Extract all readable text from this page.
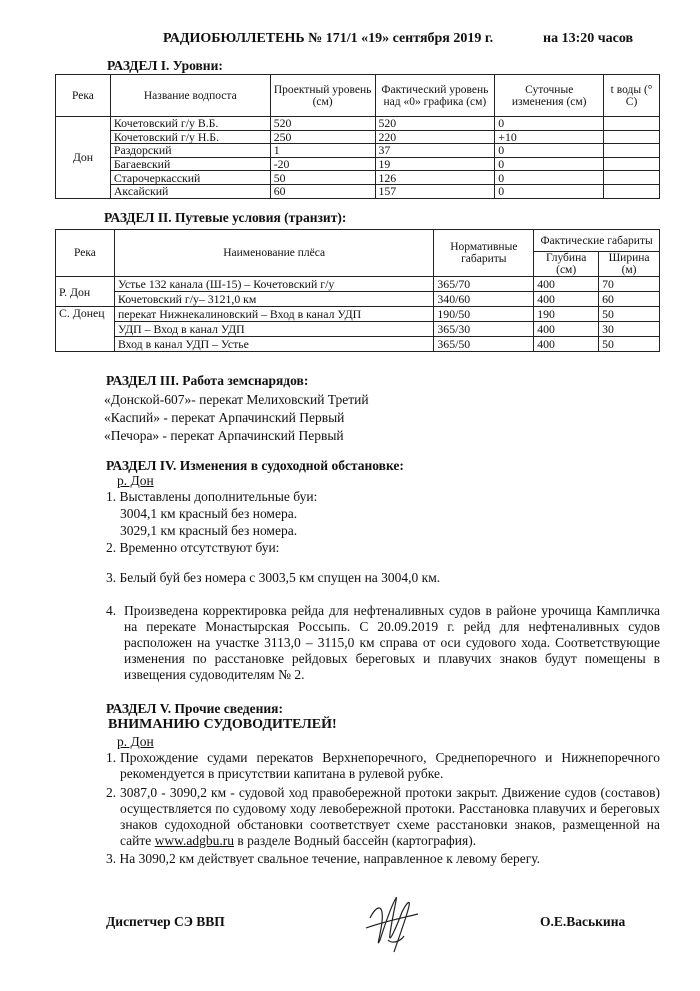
РАДИОБЮЛЛЕТЕНЬ № 171/1 «19» сентября 2019 г.	на 13:20 часов
РАЗДЕЛ I. Уровни:
Река	Название водпоста	Проектный уровень (см)	Фактический уровень над «0» графика (см)	Суточные изменения (см)	t воды (° С)
Дон	Кочетовский г/у В.Б.	520	520	0	
	Кочетовский г/у Н.Б.	250	220	+10	
	Раздорский	1	37	0	
	Багаевский	-20	19	0	
	Старочеркасский	50	126	0	
	Аксайский	60	157	0	
РАЗДЕЛ II. Путевые условия (транзит):
Река	Наименование плёса	Нормативные габариты	Фактические габариты	
			Глубина (см)	Ширина (м)
Р. Дон	Устье 132 канала (Ш-15) – Кочетовский г/у	365/70	400	70
	Кочетовский г/у– 3121,0 км	340/60	400	60
С. Донец	перекат Нижнекалиновский – Вход в канал УДП	190/50	190	50
	УДП – Вход в канал УДП	365/30	400	30
	Вход в канал УДП – Устье	365/50	400	50
РАЗДЕЛ III. Работа земснарядов:

«Донской-607»- перекат Мелиховский Третий

«Каспий» - перекат Арпачинский Первый

«Печора» - перекат Арпачинский Первый

РАЗДЕЛ IV. Изменения в судоходной обстановке:
р. Дон
1. Выставлены дополнительные буи:
3004,1 км красный без номера.
3029,1 км красный без номера.
2. Временно отсутствуют буи:
3. Белый буй без номера с 3003,5 км спущен на 3004,0 км.
4. Произведена корректировка рейда для нефтеналивных судов в районе урочища Кампличка на перекате Монастырская Россыпь. С 20.09.2019 г. рейд для нефтеналивных судов расположен на участке 3113,0 – 3115,0 км справа от оси судового хода. Соответствующие изменения по расстановке рейдовых береговых и плавучих знаков будут помещены в извещения судоводителям № 2.
РАЗДЕЛ V. Прочие сведения:
ВНИМАНИЮ СУДОВОДИТЕЛЕЙ!
р. Дон
1. Прохождение судами перекатов Верхнепоречного, Среднепоречного и Нижнепоречного рекомендуется в присутствии капитана в рулевой рубке.
2. 3087,0 - 3090,2 км - судовой ход правобережной протоки закрыт. Движение судов (составов) осуществляется по судовому ходу левобережной протоки. Расстановка плавучих и береговых знаков судоходной обстановки соответствует схеме расстановки знаков, размещенной на сайте www.adgbu.ru в разделе Водный бассейн (картография).
3. На 3090,2 км действует свальное течение, направленное к левому берегу.
Диспетчер СЭ ВВП	О.Е.Васькина
